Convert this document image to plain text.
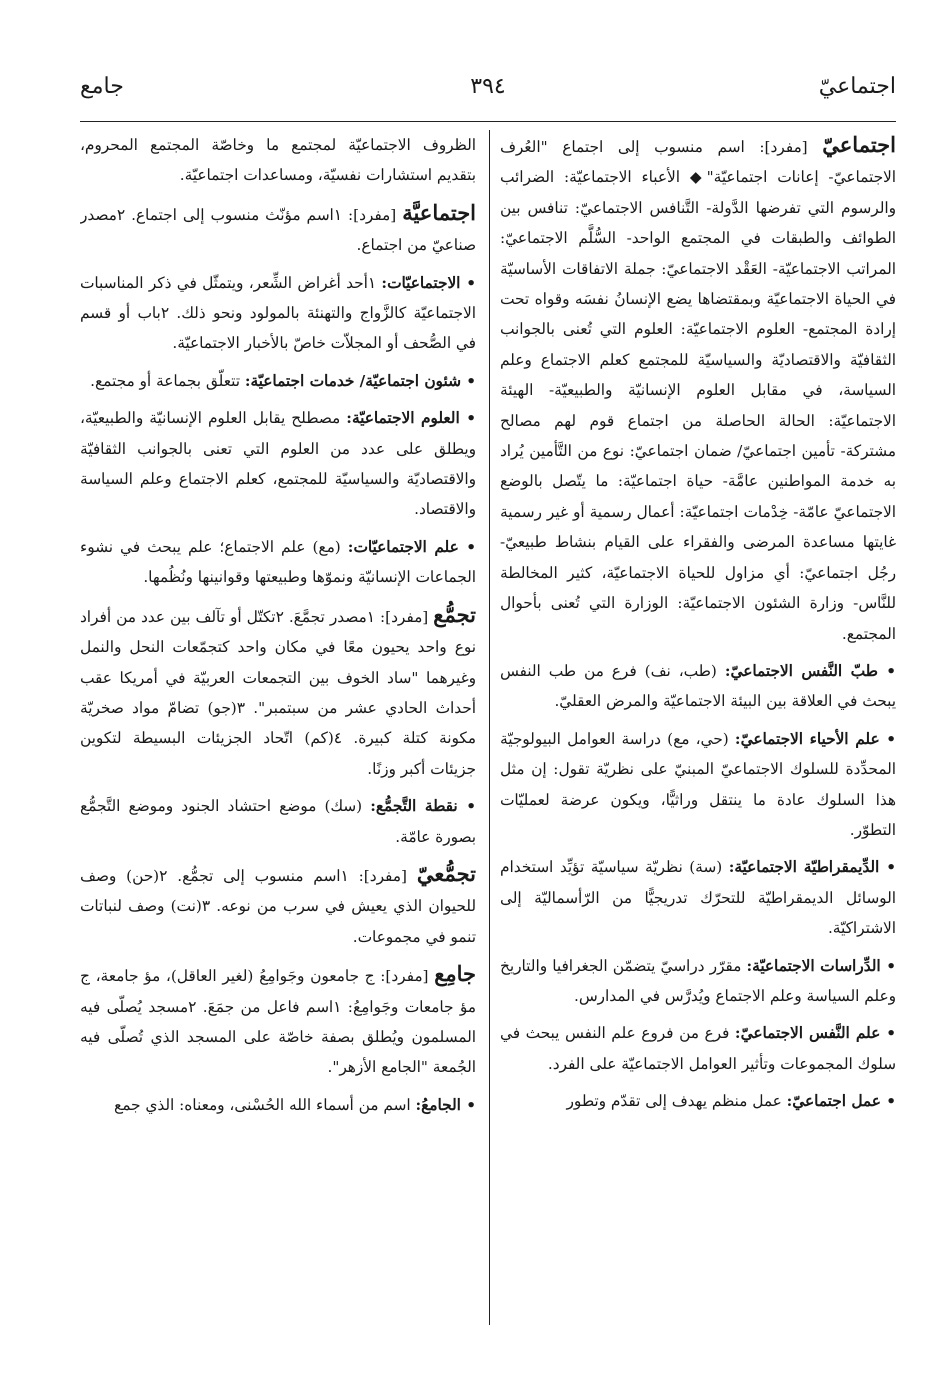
اجتماعيّ
٣٩٤
جامع

اجتماعيّ [مفرد]: اسم منسوب إلى اجتماع "العُرف الاجتماعيّ- إعانات اجتماعيّة"◆ الأعباء الاجتماعيّة: الضرائب والرسوم التي تفرضها الدَّولة- التَّنافس الاجتماعيّ: تنافس بين الطوائف والطبقات في المجتمع الواحد- السُّلَّم الاجتماعيّ: المراتب الاجتماعيّة- العَقْد الاجتماعيّ: جملة الاتفاقات الأساسيّة في الحياة الاجتماعيّة وبمقتضاها يضع الإنسانُ نفسَه وقواه تحت إرادة المجتمع- العلوم الاجتماعيّة: العلوم التي تُعنى بالجوانب الثقافيّة والاقتصاديّة والسياسيّة للمجتمع كعلم الاجتماع وعلم السياسة، في مقابل العلوم الإنسانيّة والطبيعيّة- الهيئة الاجتماعيّة: الحالة الحاصلة من اجتماع قوم لهم مصالح مشتركة- تأمين اجتماعيّ/ ضمان اجتماعيّ: نوع من التَّأمين يُراد به خدمة المواطنين عامَّة- حياة اجتماعيّة: ما يتّصل بالوضع الاجتماعيّ عامّة- خِدْمات اجتماعيّة: أعمال رسمية أو غير رسمية غايتها مساعدة المرضى والفقراء على القيام بنشاط طبيعيّ- رجُل اجتماعيّ: أي مزاول للحياة الاجتماعيّة، كثير المخالطة للنَّاس- وزارة الشئون الاجتماعيّة: الوزارة التي تُعنى بأحوال المجتمع.

• طبّ النَّفس الاجتماعيّ: (طب، نف) فرع من طب النفس يبحث في العلاقة بين البيئة الاجتماعيّة والمرض العقليّ.

• علم الأحياء الاجتماعيّ: (حي، مع) دراسة العوامل البيولوجيّة المحدِّدة للسلوك الاجتماعيّ المبنيّ على نظريّة تقول: إن مثل هذا السلوك عادة ما ينتقل وراثيًّا، ويكون عرضة لعمليّات التطوّر.

• الدِّيمقراطيّة الاجتماعيّة: (سة) نظريّة سياسيّة تؤيِّد استخدام الوسائل الديمقراطيّة للتحرّك تدريجيًّا من الرّأسماليّة إلى الاشتراكيّة.

• الدِّراسات الاجتماعيّة: مقرّر دراسيّ يتضمّن الجغرافيا والتاريخ وعلم السياسة وعلم الاجتماع ويُدرَّس في المدارس.

• علم النَّفس الاجتماعيّ: فرع من فروع علم النفس يبحث في سلوك المجموعات وتأثير العوامل الاجتماعيّة على الفرد.

• عمل اجتماعيّ: عمل منظم يهدف إلى تقدّم وتطور

الظروف الاجتماعيّة لمجتمع ما وخاصّة المجتمع المحروم، بتقديم استشارات نفسيّة، ومساعدات اجتماعيّة.

اجتماعيَّة [مفرد]: ١اسم مؤنّث منسوب إلى اجتماع. ٢مصدر صناعيّ من اجتماع.

• الاجتماعيّات: ١أحد أغراض الشِّعر، ويتمثّل في ذكر المناسبات الاجتماعيّة كالزَّواج والتهنئة بالمولود ونحو ذلك. ٢باب أو قسم في الصُّحف أو المجلاّت خاصّ بالأخبار الاجتماعيّة.

• شئون اجتماعيّة/ خدمات اجتماعيّة: تتعلّق بجماعة أو مجتمع.

• العلوم الاجتماعيّة: مصطلح يقابل العلوم الإنسانيّة والطبيعيّة، ويطلق على عدد من العلوم التي تعنى بالجوانب الثقافيّة والاقتصاديّة والسياسيّة للمجتمع، كعلم الاجتماع وعلم السياسة والاقتصاد.

• علم الاجتماعيّات: (مع) علم الاجتماع؛ علم يبحث في نشوء الجماعات الإنسانيّة ونموّها وطبيعتها وقوانينها ونُظُمها.

تجمُّع [مفرد]: ١مصدر تجمَّعَ. ٢تكتّل أو تآلف بين عدد من أفراد نوع واحد يحيون معًا في مكان واحد كتجمّعات النحل والنمل وغيرهما "ساد الخوف بين التجمعات العربيّة في أمريكا عقب أحداث الحادي عشر من سبتمبر". ٣(جو) تضامّ مواد صخريّة مكونة كتلة كبيرة. ٤(كم) اتّحاد الجزيئات البسيطة لتكوين جزيئات أكبر وزنًا.

• نقطة التَّجمُّع: (سك) موضع احتشاد الجنود وموضع التَّجمُّع بصورة عامّة.

تجمُّعيّ [مفرد]: ١اسم منسوب إلى تجمُّع. ٢(حن) وصف للحيوان الذي يعيش في سرب من نوعه. ٣(نت) وصف لنباتات تنمو في مجموعات.

جامِع [مفرد]: ج جامعون وجَوامِعُ (لغير العاقل)، مؤ جامعة، ج مؤ جامعات وجَوامِعُ: ١اسم فاعل من جمَعَ. ٢مسجد يُصلّى فيه المسلمون ويُطلق بصفة خاصّة على المسجد الذي تُصلّى فيه الجُمعة "الجامع الأزهر".

• الجامعُ: اسم من أسماء الله الحُسْنى، ومعناه: الذي جمع
